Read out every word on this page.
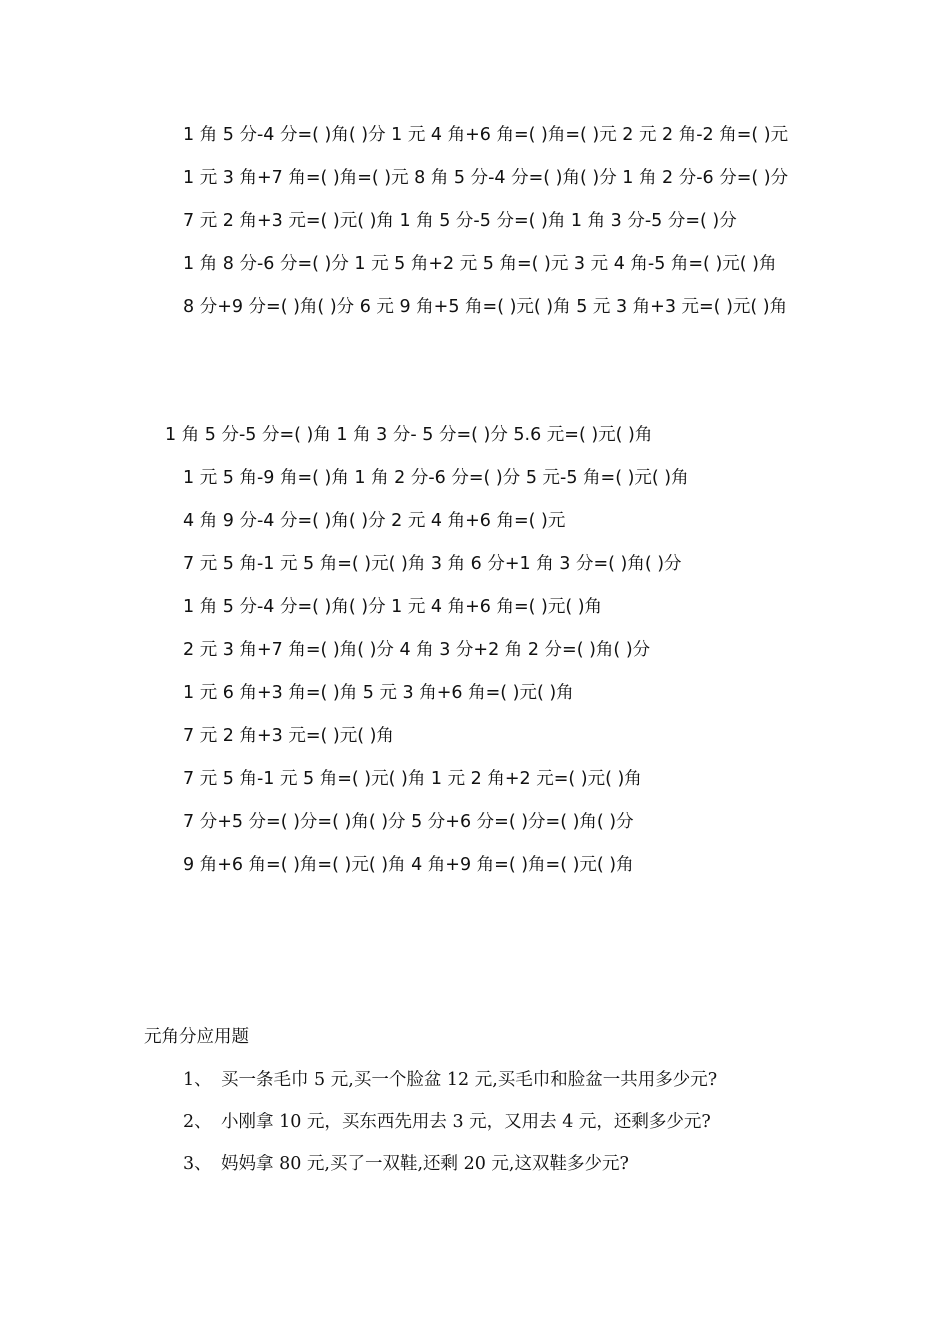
1 角 5 分-4 分=( )角( )分 1 元 4 角+6 角=( )角=( )元 2 元 2 角-2 角=( )元
1 元 3 角+7 角=( )角=( )元 8 角 5 分-4 分=( )角( )分 1 角 2 分-6 分=( )分
7 元 2 角+3 元=( )元( )角 1 角 5 分-5 分=( )角 1 角 3 分-5 分=( )分
1 角 8 分-6 分=( )分 1 元 5 角+2 元 5 角=( )元 3 元 4 角-5 角=( )元( )角
8 分+9 分=( )角( )分 6 元 9 角+5 角=( )元( )角 5 元 3 角+3 元=( )元( )角
1 角 5 分-5 分=( )角 1 角 3 分- 5 分=( )分 5.6 元=( )元( )角
1 元 5 角-9 角=( )角 1 角 2 分-6 分=( )分 5 元-5 角=( )元( )角
4 角 9 分-4 分=( )角( )分 2 元 4 角+6 角=( )元
7 元 5 角-1 元 5 角=( )元( )角 3 角 6 分+1 角 3 分=( )角( )分
1 角 5 分-4 分=( )角( )分 1 元 4 角+6 角=( )元( )角
2 元 3 角+7 角=( )角( )分 4 角 3 分+2 角 2 分=( )角( )分
1 元 6 角+3 角=( )角 5 元 3 角+6 角=( )元( )角
7 元 2 角+3 元=( )元( )角
7 元 5 角-1 元 5 角=( )元( )角 1 元 2 角+2 元=( )元( )角
7 分+5 分=( )分=( )角( )分 5 分+6 分=( )分=( )角( )分
9 角+6 角=( )角=( )元( )角 4 角+9 角=( )角=( )元( )角
元角分应用题
1、 买一条毛巾 5 元,买一个脸盆 12 元,买毛巾和脸盆一共用多少元?
2、 小刚拿 10 元，买东西先用去 3 元，又用去 4 元，还剩多少元?
3、 妈妈拿 80 元,买了一双鞋,还剩 20 元,这双鞋多少元?
